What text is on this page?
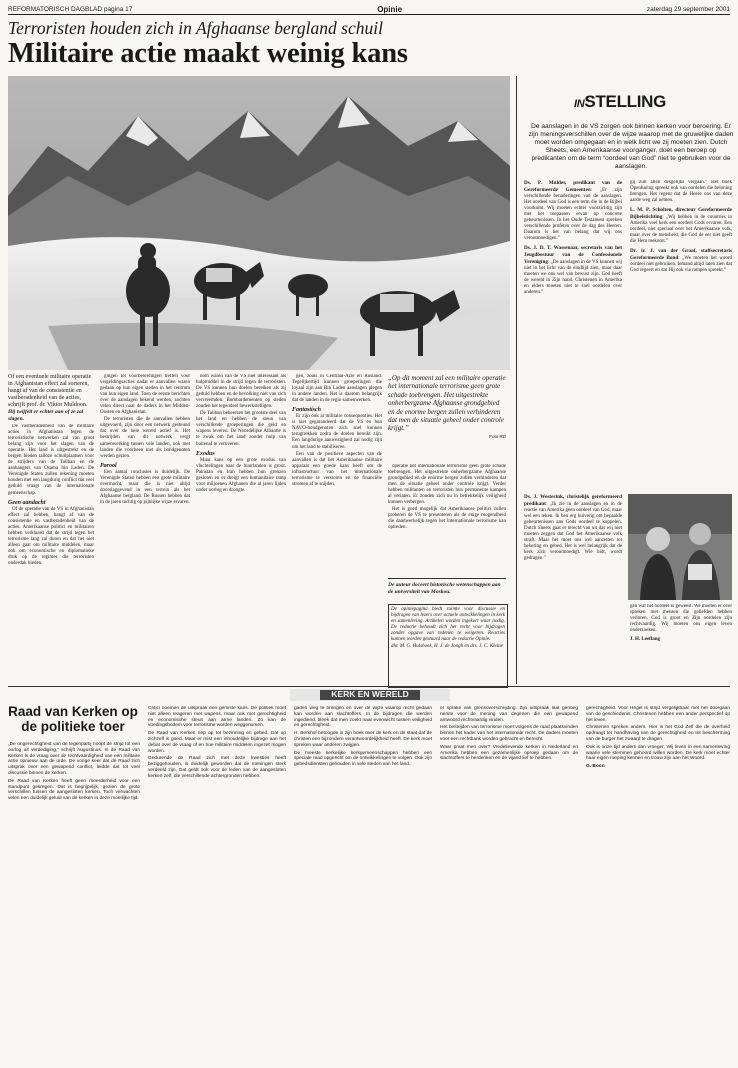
REFORMATORISCH DAGBLAD pagina 17	Opinie	zaterdag 29 september 2001
Terroristen houden zich in Afghaanse bergland schuil
Militaire actie maakt weinig kans
Of een eventuele militaire operatie in Afghanistan effect zal sorteren, hangt af van de consistentie en vastberadenheid van de acties, schrijft prof. dr. Viktor Muldoon. Hij twijfelt er echter aan of ze zal slagen.

De vastberadenheid van de militaire acties in Afghanistan tegen de terroristische netwerken zal van groot belang zijn voor het slagen van de operatie. Het land is uitgestrekt en de bergen bieden talloze schuilplaatsen voor de strijders van de Taliban en de aanhangers van Osama bin Laden. De Verenigde Staten zullen rekening moeten houden met een langdurig conflict dat veel geduld vraagt van de internationale gemeenschap.

Geen aandacht

Of de operatie van de VS in Afghanistan effect zal hebben, hangt af van de consistentie en vastberadenheid van de acties. Amerikaanse politici en militairen hebben verklaard dat de strijd tegen het terrorisme lang zal duren en dat het niet alleen gaat om militaire middelen, maar ook om economische en diplomatieke druk op de regimes die terroristen onderdak bieden.

gingen tot voorbereidingen treffen voor vergeldingsacties nadat er aanvallen waren gedaan op hun eigen steden in het centrum van hun eigen land. Toen de eerste berichten over de aanslagen bekend werden, zochten velen direct naar de daders in het Midden-Oosten en Afghanistan.

De terroristen die de aanvallen hebben uitgevoerd, zijn door een netwerk gesteund dat over de hele wereld actief is. Het bestrijden van dit netwerk vergt samenwerking tussen vele landen, ook met landen die voorheen niet als bondgenoten werden gezien.

Parool

Een aantal conclusies is duidelijk. De Verenigde Staten hebben een grote militaire overmacht, maar die is niet altijd doorslaggevend in een terrein als het Afghaanse bergland. De Russen hebben dat in de jaren tachtig op pijnlijke wijze ervaren.

nom waren van de VS niet interessant als hulpmiddel in de strijd tegen de terroristen. De VS kunnen hun doelen bereiken als zij geduld hebben en de bevolking niet van zich vervreemden. Bombardementen op steden zouden het tegendeel bewerkstelligen.

De Taliban beheersen het grootste deel van het land en hebben de steun van verschillende groeperingen die geld en wapens leveren. De Noordelijke Alliantie is te zwak om het land zonder hulp van buitenaf te veroveren.

Exodus

Maar kans op een grote exodus van vluchtelingen naar de buurlanden is groot. Pakistan en Iran hebben hun grenzen gesloten en er dreigt een humanitaire ramp voor miljoenen Afghanen die al jaren lijden onder oorlog en droogte.

gen, zoals in Centraal-Azië en Rusland. Tegelijkertijd kunnen groeperingen die loyaal zijn aan Bin Laden aanslagen plegen in andere landen. Het is daarom belangrijk dat de landen in de regio samenwerken.

Fantastisch

Er zijn ook al militaire consequenties. Het is niet gegarandeerd dat de VS en hun NAVO-bondgenoten zich snel kunnen terugtrekken zodra de doelen bereikt zijn. Een langdurige aanwezigheid zal nodig zijn om het land te stabiliseren.

Een van de positieve aspecten van de aanvallen is dat het Amerikaanse militaire apparaat een goede kans heeft om de infrastructuur van het internationale terrorisme te verstoren en de financiële stromen af te snijden.

„Op dit moment zal een militaire operatie het internationale terrorisme geen grote schade toebrengen. Het uitgestrekte onherbergzame Afghaanse grondgebied en de enorme bergen zullen verhinderen dat men de situatie geheel onder controle krijgt.”
Foto RD

operatie het internationale terrorisme geen grote schade toebrengen. Het uitgestrekte onherbergzame Afghaanse grondgebied en de enorme bergen zullen verhinderen dat men de situatie geheel onder controle krijgt. Verder hebben militanten en terroristen hun permanente kampen al verlaten. Er zouden zich nu in betrekkelijk veiligheid kunnen verbergen.

Het is goed mogelijk dat Amerikaanse politici zullen proberen de VS te presenteren als de enige mogendheid die daadwerkelijk tegen het internationale terrorisme kan optreden.

De auteur doceert historische wetenschappen aan de universiteit van Moskou.

De opiniepagina biedt ruimte voor discussie en bijdragen van lezers over actuele ontwikkelingen in kerk en samenleving. Artikelen worden ingekort waar nodig. De redactie behoudt zich het recht voor bijdragen zonder opgave van redenen te weigeren. Reacties kunnen worden gestuurd naar de redactie Opinie.

dhr. M. G. Hulshoek, H. J. de Jongh en drs. J. C. Kleine

INSTELLING
De aanslagen in de VS zorgen ook binnen kerken voor beroering. Er zijn meningsverschillen over de wijze waarop met de gruwelijke daden moet worden omgegaan en in welk licht we zij moeten zien. Dutch Sheets, een Amerikaanse voorganger, doet een beroep op predikanten om de term “oordeel van God” niet te gebruiken voor de aanslagen.

Ds. P. Mulder, predikant van de Gereformeerde Gemeenten: „Er zijn verschillende benaderingen van de aanslagen. Het oordeel van God is een term die in de Bijbel voorkomt. Wij moeten echter voorzichtig zijn met het toepassen ervan op concrete gebeurtenissen. In het Oude Testament spreken verschillende profeten over de dag des Heeren. Daarom is het van belang dat wij ons verootmoedigen.”

Ds. J. D. T. Wassenaar, secretaris van het Jeugdbestuur van de Confessionele Vereniging: „De aanslagen in de VS kunnen wij niet in het licht van de eindtijd zien, maar daar moeten we ons wel van bewust zijn. God heeft de wereld in Zijn hand. Christenen in Amerika en elders moeten niet te snel oordelen over anderen.”

gij zult allen desgelijks vergaan.” Het boek Openbaring spreekt ook van oordelen die beloning brengen. Het regent dat de Heere ons van deze aarde weg zal nemen.

L. M. P. Scholten, directeur Gereformeerde Bijbelstichting: „Wij hebben in de countries in Amerika veel kerk een oordeel Gods ervaren. Een oordeel, niet speciaal over het Amerikaanse volk, maar over de mensheid, die God de eer niet geeft die Hem toekomt.”

Dr. ir. J. van der Graaf, staffsecretaris Gereformeerde Bond: „We moeten het woord oordeel niet gebruiken. Iemand altijd laten zien dat God regeert en dat Hij ook via rampen spreekt.”

Ds. J. Westerink, christelijk gereformeerd predikant: „Ik zie in de aanslagen en in de reactie van Amerika geen oordeel van God, maar wel een teken. Ik ben erg huiverig om bepaalde gebeurtenissen aan Gods oordeel te koppelen. Dutch Sheets gaat er terecht van uit dat wij niet moeten zeggen dat God het Amerikaanse volk straft. Maar het moet ons wel aanzetten tot bekering en gebed. Het is wel belangrijk dat de kerk zich verootmoedigt. Wie bidt, wordt gedragen.”

gen wat het oordeel is geweest. We moeten er over spreken met mensen die geliefden hebben verloren. God is groot en Zijn oordelen zijn rechtvaardig. Wij moeten ons eigen leven onderzoeken.

J. H. Leeflang

KERK EN WERELD
Raad van Kerken op de politieke toer

„De ongerechtigheid van de tegenpartij noopt de strijd tot een oorlog uit verdediging,” schrijft Augustinus. In de Raad van Kerken is de vraag over de rechtvaardigheid van een militaire actie opnieuw aan de orde. De vorige keer dat de Raad zich uitsprak over een gewapend conflict, leidde dat tot veel discussie binnen de kerken.

De Raad van Kerken heeft geen meerderheid voor een standpunt gekregen. Dat is begrijpelijk, gezien de grote verschillen tussen de aangesloten kerken. Toch verwachten velen een duidelijk geluid van de kerken in deze moeilijke tijd.

Critici noemen de uitspraak een gemiste kans. De politiek moet niet alleen reageren met wapens, maar ook met gerechtigheid en economische steun aan arme landen. Zo kan de voedingsbodem voor terrorisme worden weggenomen.

De Raad van Kerken riep op tot bezinning en gebed. Dat op zichzelf is goed. Maar er mist een inhoudelijke bijdrage aan het debat over de vraag of en hoe militaire middelen ingezet mogen worden.

Gedurende de Raad zich met deze kwesties heeft beziggehouden, is duidelijk geworden dat de meningen sterk verdeeld zijn. Dat geldt ook voor de leden van de aangesloten kerken zelf, die verschillende achtergronden hebben.

gaden weg te brengen en over de wijze waarop recht gedaan kan worden aan slachtoffers. In de bijdragen die werden ingediend, bleek dat men zoekt naar evenwicht tussen veiligheid en gerechtigheid.

H. Berkhof betoogde in zijn boek over de kerk en de staat dat de christen een bijzondere verantwoordelijkheid heeft. De kerk moet spreken waar anderen zwijgen.

De meeste kerkelijke kerkgemeenschappen hebben een speciale raad opgericht om de ontwikkelingen te volgen. Ook zijn gebedsdiensten gehouden in vele steden van het land.

er sprake van grensoverschrijding. Zijn uitspraak laat genoeg ruimte voor de mening van degenen die een gewapend antwoord rechtvaardig vinden.

Het bestrijden van terrorisme moet volgens de raad plaatsvinden binnen het kader van het internationale recht. De daders moeten voor een rechtbank worden gebracht en berecht.

Waar praat men over? Vredelievende kerken in Nederland en Amerika hebben een gezamenlijke oproep gedaan om de slachtoffers te herdenken en de vijand lief te hebben.

gerechtigheid. Voor Hegel is strijd vergelijkbaar met het doorgaan van de geschiedenis. Christenen hebben een ander perspectief op het leven.

Christenen spreken anders. Hier is het God Zelf die de overheid opdraagt ter handhaving van de gerechtigheid en tot bescherming van de burger het zwaard te dragen.

Ook is onze tijd anders dan vroeger. Wij leven in een samenleving waarin vele stemmen gehoord willen worden. De kerk moet echter haar eigen roeping kennen en trouw zijn aan het Woord.

G. Boon
